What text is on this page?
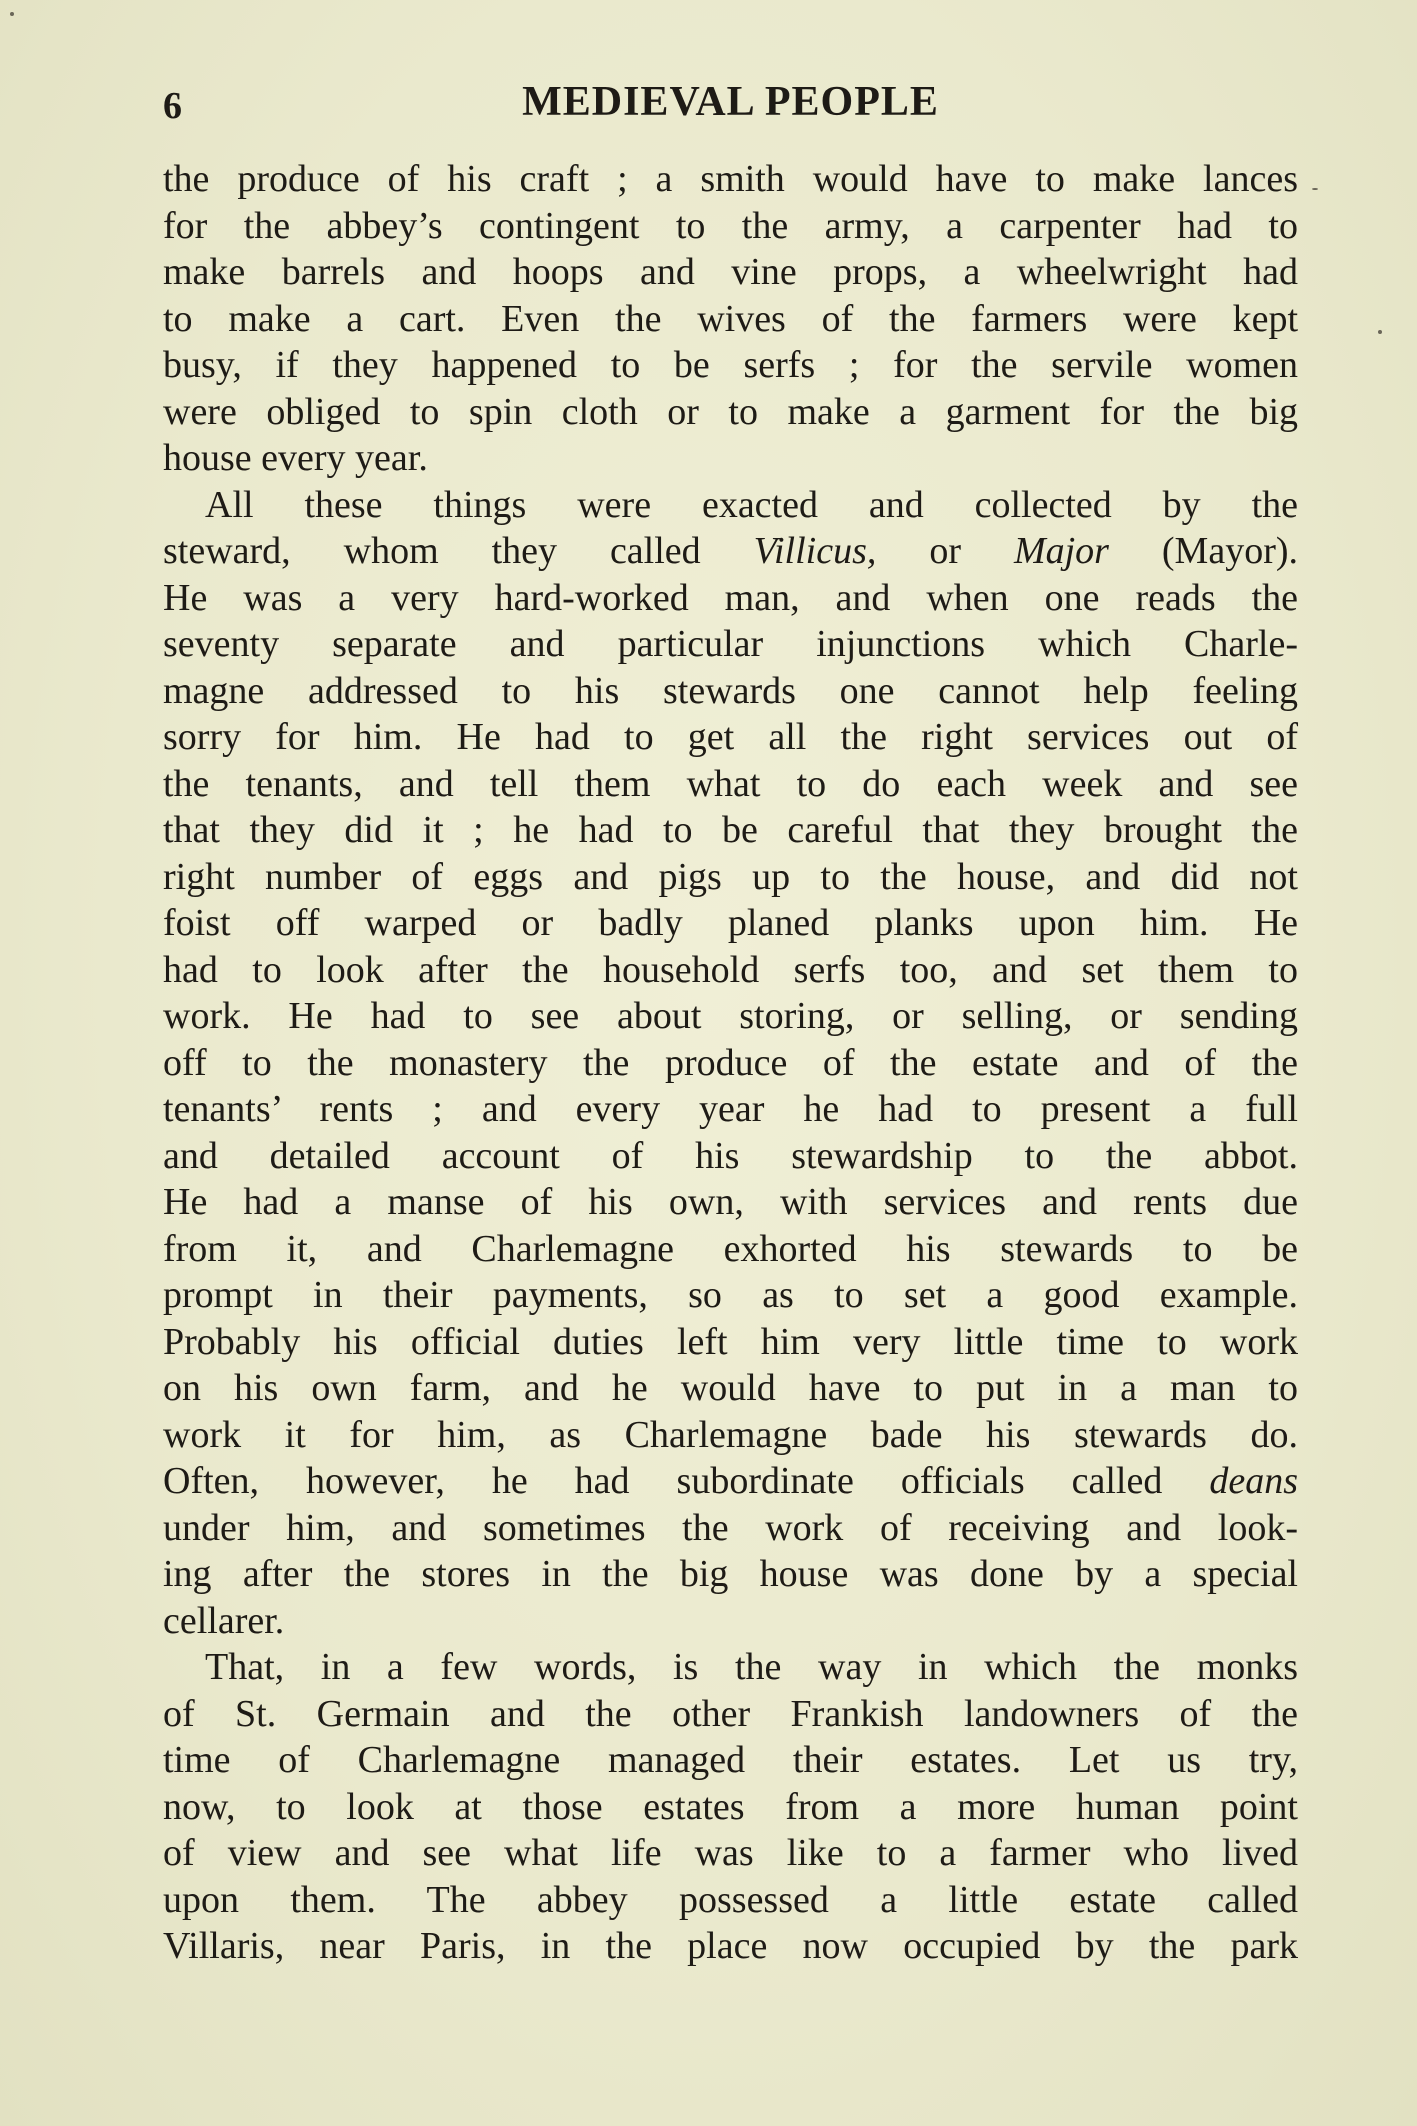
6	MEDIEVAL PEOPLE
the produce of his craft ; a smith would have to make lances
for the abbey’s contingent to the army, a carpenter had to
make barrels and hoops and vine props, a wheelwright had
to make a cart. Even the wives of the farmers were kept
busy, if they happened to be serfs ; for the servile women
were obliged to spin cloth or to make a garment for the big
house every year.
All these things were exacted and collected by the
steward, whom they called Villicus, or Major (Mayor).
He was a very hard-worked man, and when one reads the
seventy separate and particular injunctions which Charle-
magne addressed to his stewards one cannot help feeling
sorry for him. He had to get all the right services out of
the tenants, and tell them what to do each week and see
that they did it ; he had to be careful that they brought the
right number of eggs and pigs up to the house, and did not
foist off warped or badly planed planks upon him. He
had to look after the household serfs too, and set them to
work. He had to see about storing, or selling, or sending
off to the monastery the produce of the estate and of the
tenants’ rents ; and every year he had to present a full
and detailed account of his stewardship to the abbot.
He had a manse of his own, with services and rents due
from it, and Charlemagne exhorted his stewards to be
prompt in their payments, so as to set a good example.
Probably his official duties left him very little time to work
on his own farm, and he would have to put in a man to
work it for him, as Charlemagne bade his stewards do.
Often, however, he had subordinate officials called deans
under him, and sometimes the work of receiving and look-
ing after the stores in the big house was done by a special
cellarer.
That, in a few words, is the way in which the monks
of St. Germain and the other Frankish landowners of the
time of Charlemagne managed their estates. Let us try,
now, to look at those estates from a more human point
of view and see what life was like to a farmer who lived
upon them. The abbey possessed a little estate called
Villaris, near Paris, in the place now occupied by the park
